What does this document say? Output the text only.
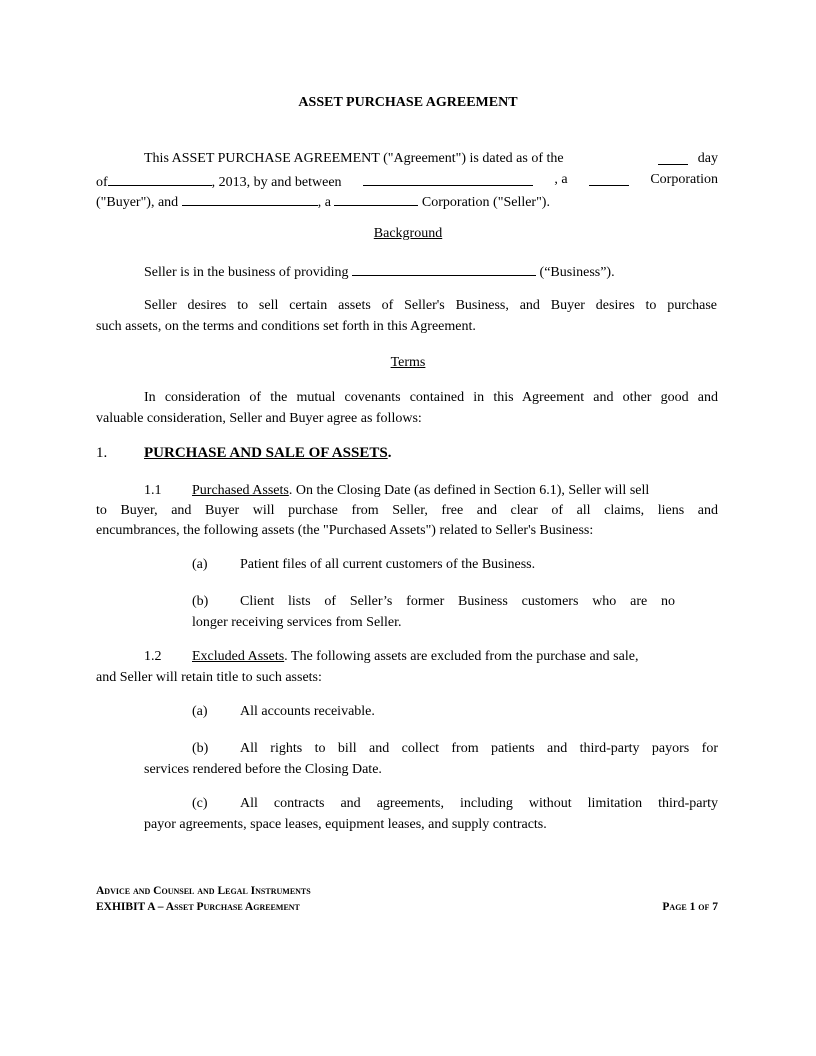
ASSET PURCHASE AGREEMENT
This ASSET PURCHASE AGREEMENT ("Agreement") is dated as of the	day
of	, 2013, by and between	, a	Corporation
("Buyer"), and	, a	Corporation ("Seller").
Background
Seller is in the business of providing	(“Business”).
Seller desires to sell certain assets of Seller's Business, and Buyer desires to purchase
such assets, on the terms and conditions set forth in this Agreement.
Terms
In consideration of the mutual covenants contained in this Agreement and other good and
valuable consideration, Seller and Buyer agree as follows:
1. PURCHASE AND SALE OF ASSETS.
1.1 Purchased Assets. On the Closing Date (as defined in Section 6.1), Seller will sell
to Buyer, and Buyer will purchase from Seller, free and clear of all claims, liens and
encumbrances, the following assets (the "Purchased Assets") related to Seller's Business:
(a) Patient files of all current customers of the Business.
(b) Client lists of Seller’s former Business customers who are no
longer receiving services from Seller.
1.2 Excluded Assets. The following assets are excluded from the purchase and sale,
and Seller will retain title to such assets:
(a) All accounts receivable.
(b) All rights to bill and collect from patients and third-party payors for
services rendered before the Closing Date.
(c) All contracts and agreements, including without limitation third-party
payor agreements, space leases, equipment leases, and supply contracts.
Advice and Counsel and Legal Instruments
EXHIBIT A – Asset Purchase Agreement	Page 1 of 7
